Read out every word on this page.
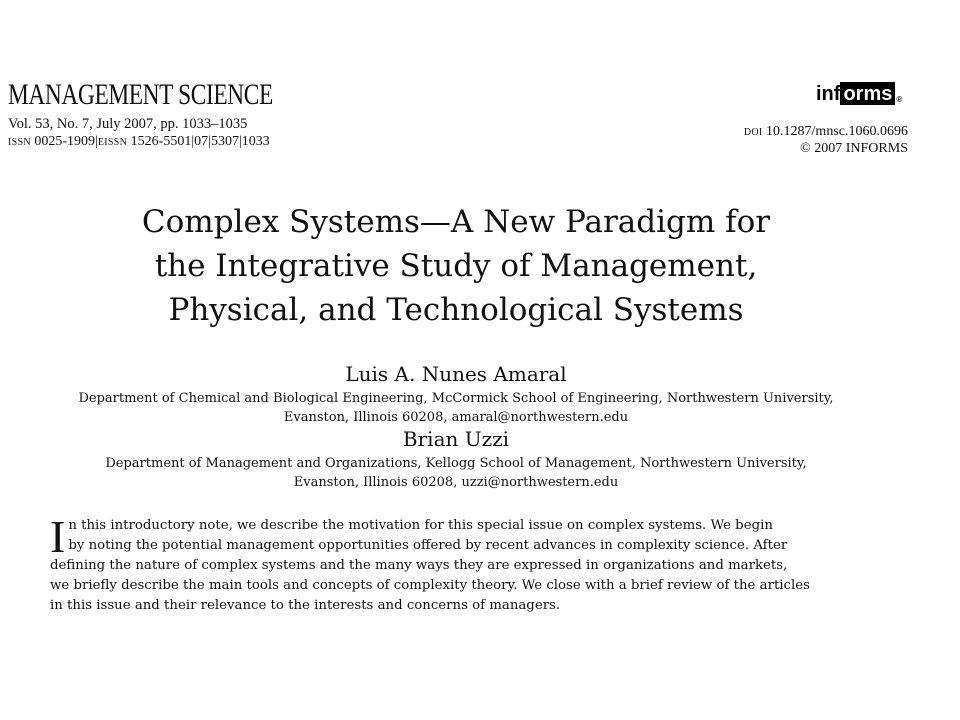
MANAGEMENT SCIENCE
Vol. 53, No. 7, July 2007, pp. 1033–1035
ISSN 0025-1909|EISSN 1526-5501|07|5307|1033
inf orms ®
DOI 10.1287/mnsc.1060.0696
© 2007 INFORMS
Complex Systems—A New Paradigm for
the Integrative Study of Management,
Physical, and Technological Systems
Luis A. Nunes Amaral
Department of Chemical and Biological Engineering, McCormick School of Engineering, Northwestern University,
Evanston, Illinois 60208, amaral@northwestern.edu
Brian Uzzi
Department of Management and Organizations, Kellogg School of Management, Northwestern University,
Evanston, Illinois 60208, uzzi@northwestern.edu
I n this introductory note, we describe the motivation for this special issue on complex systems. We begin
by noting the potential management opportunities offered by recent advances in complexity science. After
defining the nature of complex systems and the many ways they are expressed in organizations and markets,
we briefly describe the main tools and concepts of complexity theory. We close with a brief review of the articles
in this issue and their relevance to the interests and concerns of managers.
